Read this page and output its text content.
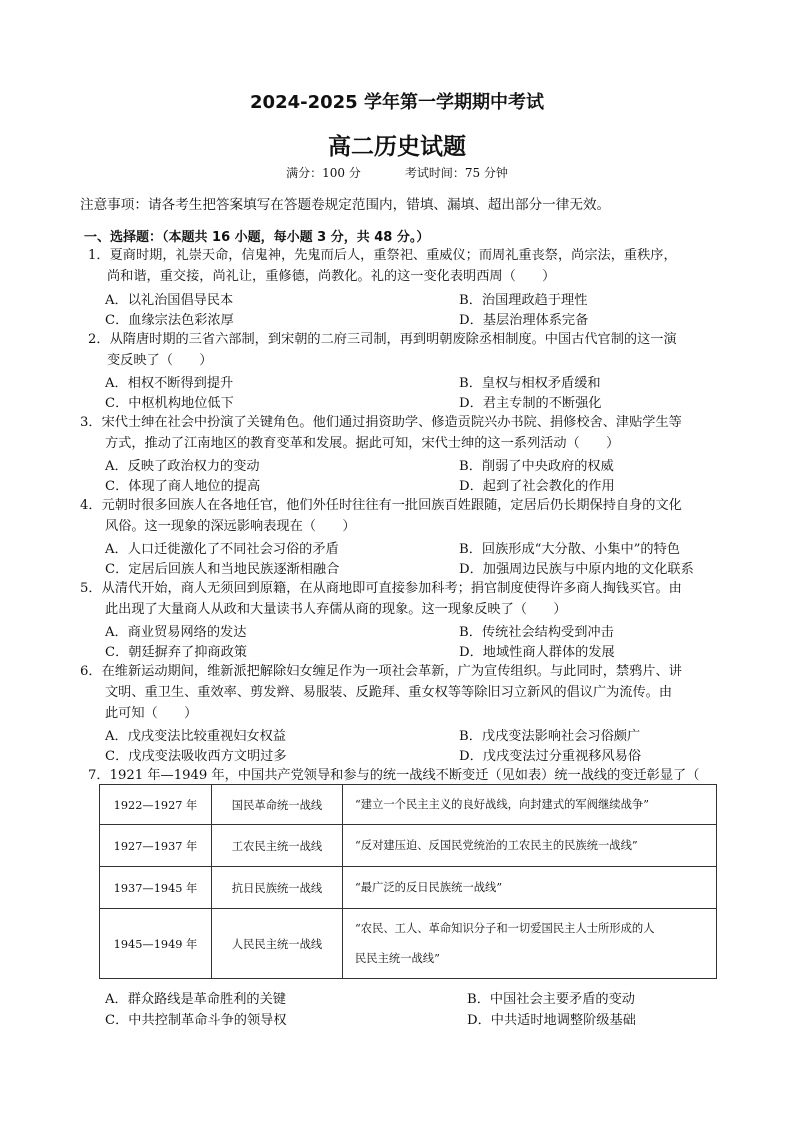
2024-2025 学年第一学期期中考试
高二历史试题
满分：100 分	考试时间：75 分钟
注意事项：请各考生把答案填写在答题卷规定范围内，错填、漏填、超出部分一律无效。
一、选择题：（本题共 16 小题，每小题 3 分，共 48 分。）
1．夏商时期，礼崇天命，信鬼神，先鬼而后人，重祭祀、重威仪；而周礼重丧祭，尚宗法，重秩序，
尚和谐，重交接，尚礼让，重修德，尚教化。礼的这一变化表明西周（　　）
A．以礼治国倡导民本	B．治国理政趋于理性
C．血缘宗法色彩浓厚	D．基层治理体系完备
2．从隋唐时期的三省六部制，到宋朝的二府三司制，再到明朝废除丞相制度。中国古代官制的这一演
变反映了（　　）
A．相权不断得到提升	B．皇权与相权矛盾缓和
C．中枢机构地位低下	D．君主专制的不断强化
3．宋代士绅在社会中扮演了关键角色。他们通过捐资助学、修造贡院兴办书院、捐修校舍、津贴学生等
方式，推动了江南地区的教育变革和发展。据此可知，宋代士绅的这一系列活动（　　）
A．反映了政治权力的变动	B．削弱了中央政府的权威
C．体现了商人地位的提高	D．起到了社会教化的作用
4．元朝时很多回族人在各地任官，他们外任时往往有一批回族百姓跟随，定居后仍长期保持自身的文化
风俗。这一现象的深远影响表现在（　　）
A．人口迁徙激化了不同社会习俗的矛盾	B．回族形成“大分散、小集中”的特色
C．定居后回族人和当地民族逐渐相融合	D．加强周边民族与中原内地的文化联系
5．从清代开始，商人无须回到原籍，在从商地即可直接参加科考；捐官制度使得许多商人掏钱买官。由
此出现了大量商人从政和大量读书人弃儒从商的现象。这一现象反映了（　　）
A．商业贸易网络的发达	B．传统社会结构受到冲击
C．朝廷摒弃了抑商政策	D．地域性商人群体的发展
6．在维新运动期间，维新派把解除妇女缠足作为一项社会革新，广为宣传组织。与此同时，禁鸦片、讲
文明、重卫生、重效率、剪发辫、易服装、反跪拜、重女权等等除旧习立新风的倡议广为流传。由
此可知（　　）
A．戊戌变法比较重视妇女权益	B．戊戌变法影响社会习俗颇广
C．戊戌变法吸收西方文明过多	D．戊戌变法过分重视移风易俗
7．1921 年—1949 年，中国共产党领导和参与的统一战线不断变迁（见如表）统一战线的变迁彰显了（
1922—1927 年	国民革命统一战线	“建立一个民主主义的良好战线，向封建式的军阀继续战争”
1927—1937 年	工农民主统一战线	“反对建压迫、反国民党统治的工农民主的民族统一战线”
1937—1945 年	抗日民族统一战线	“最广泛的反日民族统一战线”
1945—1949 年	人民民主统一战线	“农民、工人、革命知识分子和一切爱国民主人士所形成的人
民民主统一战线”
A．群众路线是革命胜利的关键	B．中国社会主要矛盾的变动
C．中共控制革命斗争的领导权	D．中共适时地调整阶级基础
